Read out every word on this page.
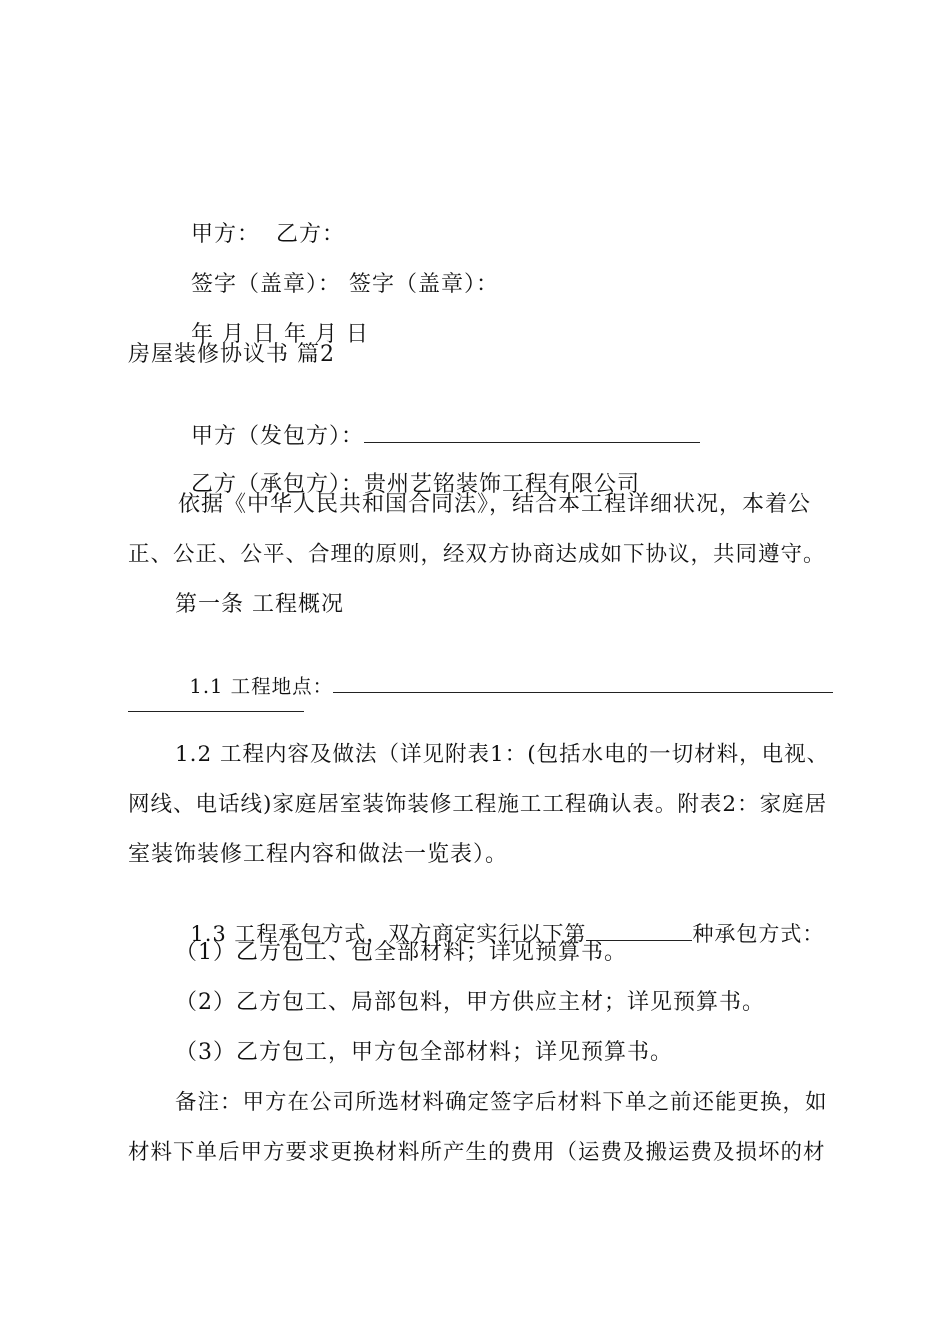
甲方： 乙方：

签字（盖章）： 签字（盖章）：

年 月 日 年 月 日

房屋装修协议书 篇2

甲方（发包方）：

乙方（承包方）：贵州艺铭装饰工程有限公司

依据《中华人民共和国合同法》，结合本工程详细状况，本着公
正、公正、公平、合理的原则，经双方协商达成如下协议，共同遵守。
第一条 工程概况

1.1 工程地点：

1.2 工程内容及做法（详见附表1：(包括水电的一切材料，电视、
网线、电话线)家庭居室装饰装修工程施工工程确认表。附表2：家庭居
室装饰装修工程内容和做法一览表）。

1.3 工程承包方式，双方商定实行以下第	种承包方式：

（1）乙方包工、包全部材料；详见预算书。
（2）乙方包工、局部包料，甲方供应主材；详见预算书。
（3）乙方包工，甲方包全部材料；详见预算书。
备注：甲方在公司所选材料确定签字后材料下单之前还能更换，如
材料下单后甲方要求更换材料所产生的费用（运费及搬运费及损坏的材
